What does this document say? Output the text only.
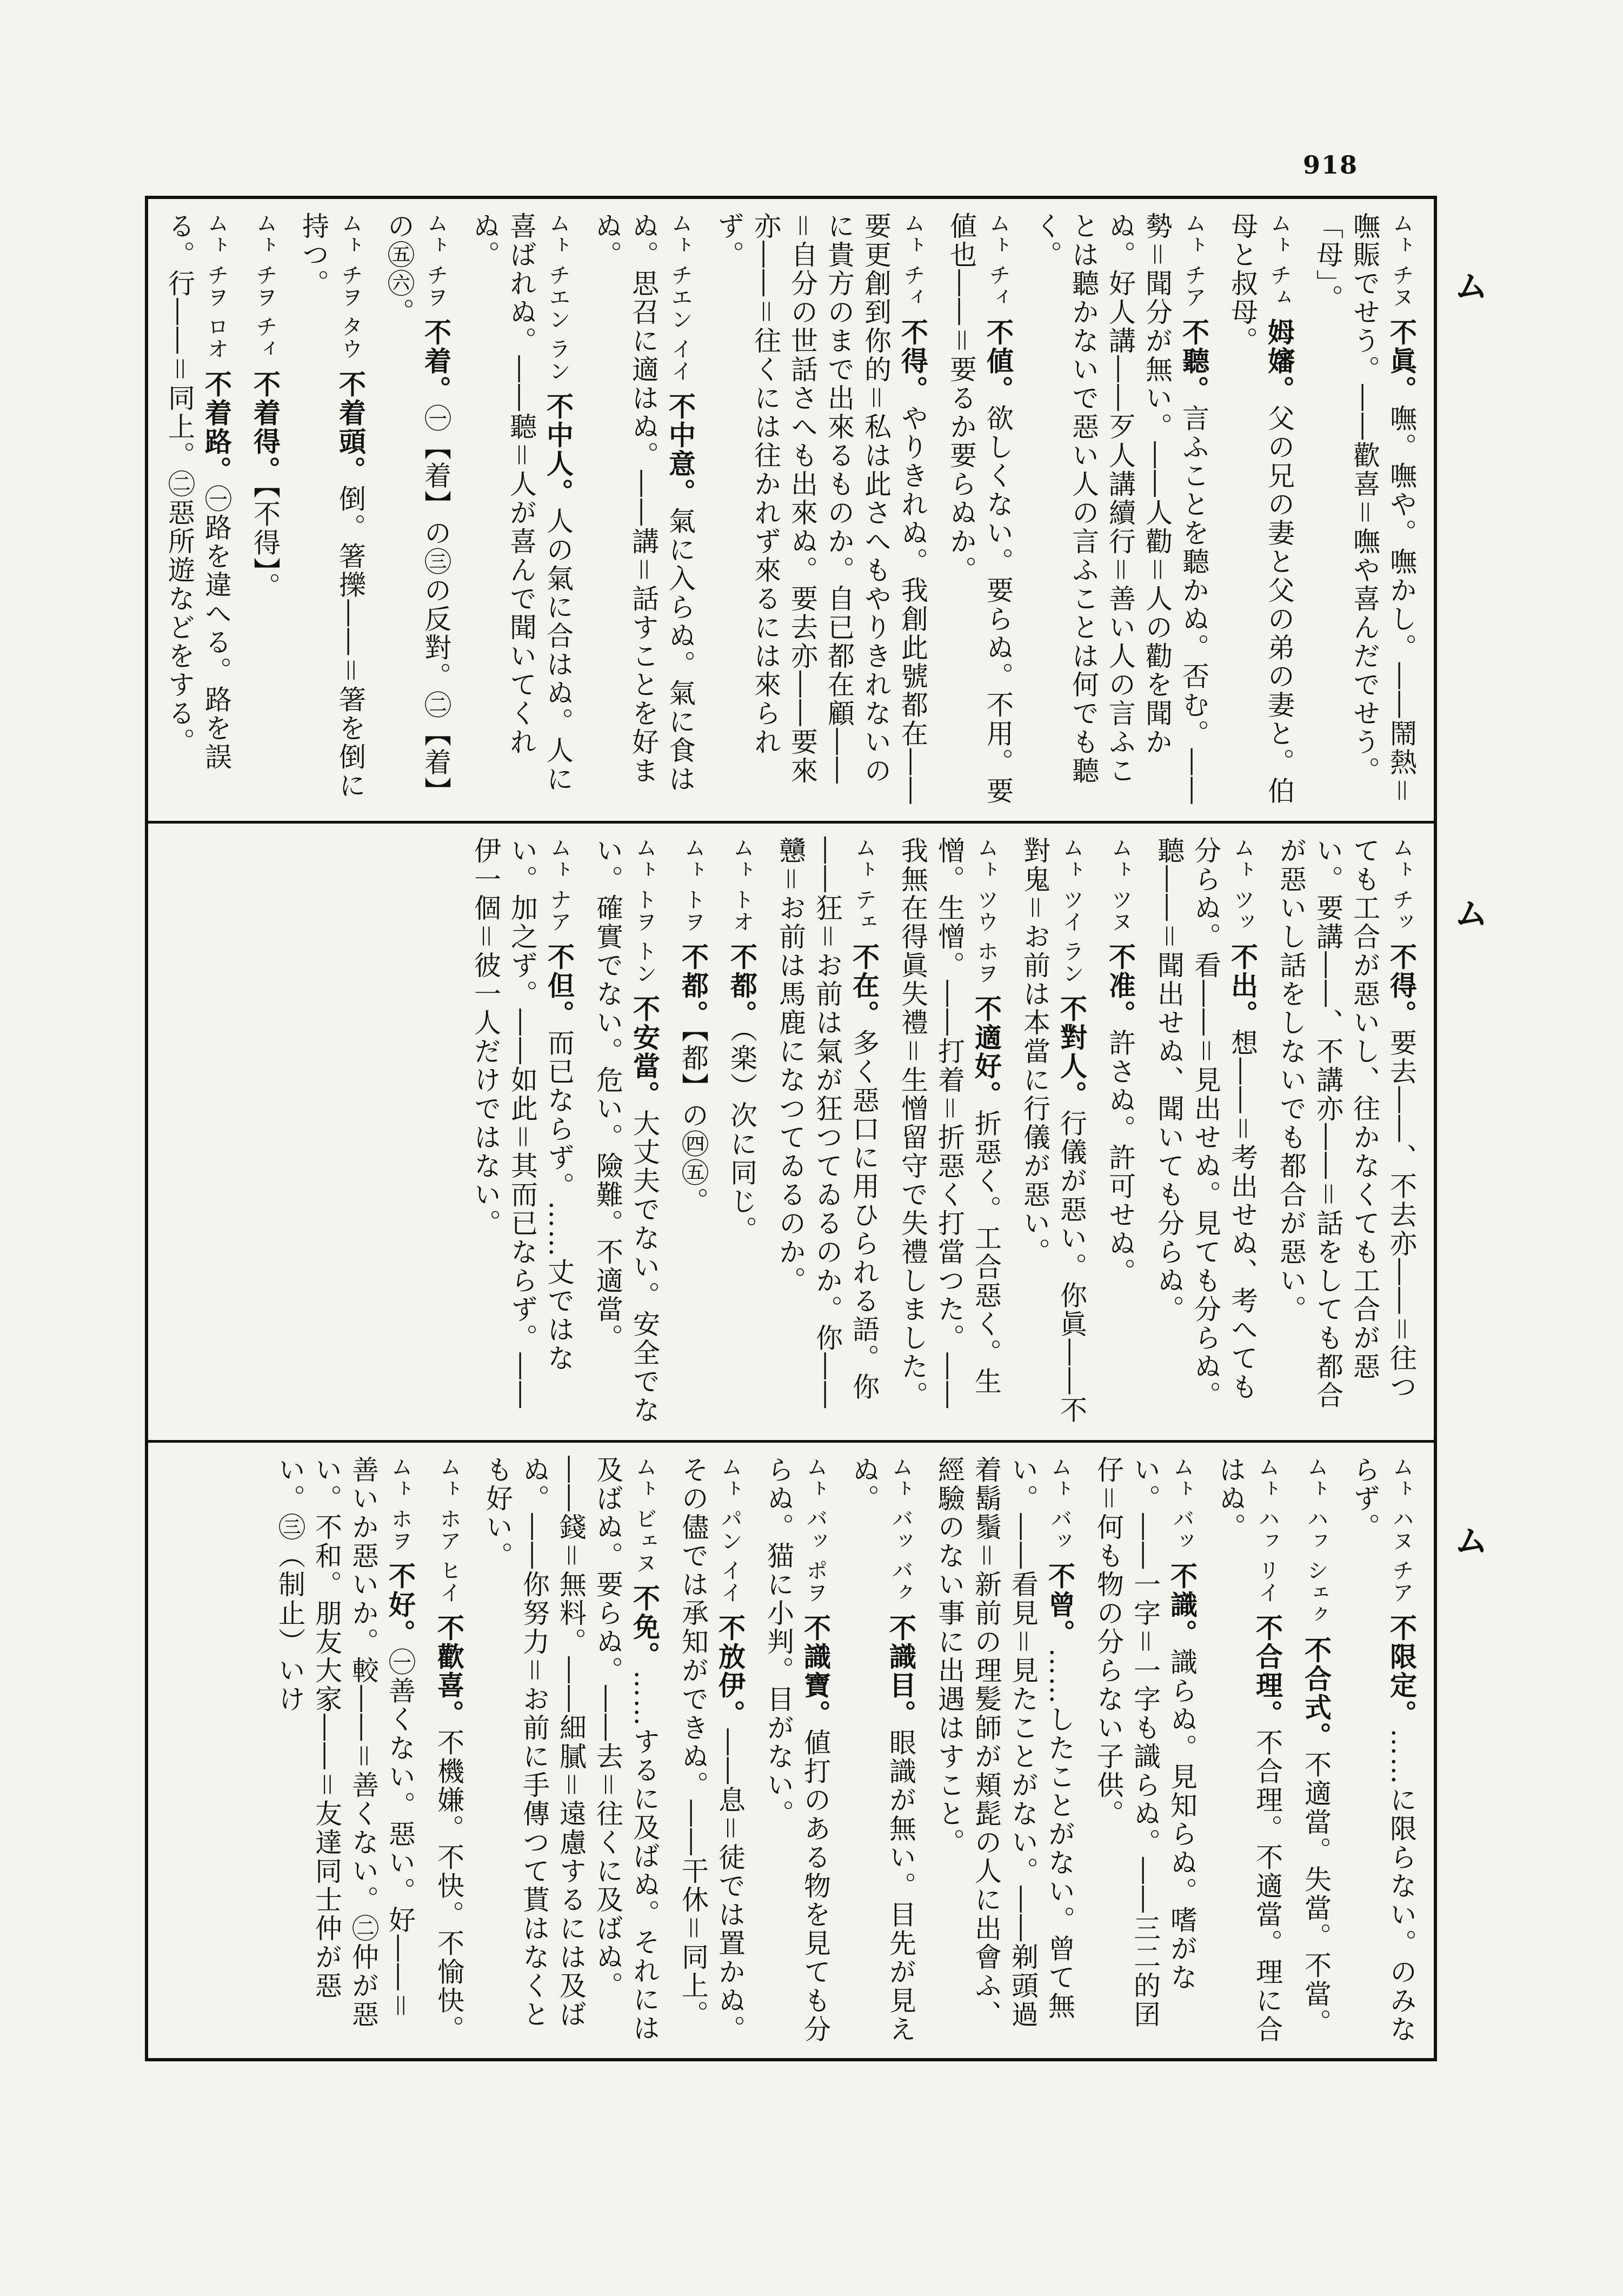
918
ム
ム
ム
ムㇳ チヌ 不眞。嘸。嘸や。嘸かし。――鬧熱＝嘸賑でせう。――歡喜＝嘸や喜んだでせう。「母」。
ムㇳ チㇺ 姆嬸。父の兄の妻と父の弟の妻と。伯母と叔母。
ムㇳ チア 不聽。言ふことを聽かぬ。否む。――勢＝聞分が無い。――人勸＝人の勸を聞かぬ。好人講――歹人講續行＝善い人の言ふことは聽かないで惡い人の言ふことは何でも聽く。
ムㇳ チィ 不値。欲しくない。要らぬ。不用。要値也――＝要るか要らぬか。
ムㇳ チィ 不得。やりきれぬ。我創此號都在――要更創到你的＝私は此さへもやりきれないのに貴方のまで出來るものか。自已都在顧――＝自分の世話さへも出來ぬ。要去亦――要來亦――＝往くには往かれず來るには來られず。
ムㇳ チエン イイ 不中意。氣に入らぬ。氣に食はぬ。思召に適はぬ。――講＝話すことを好まぬ。
ムㇳ チエン ラン 不中人。人の氣に合はぬ。人に喜ばれぬ。――聽＝人が喜んで聞いてくれぬ。
ムㇳ チヲ 不着。㊀【着】の㊂の反對。㊁【着】の㊄㊅。
ムㇳ チヲ タウ 不着頭。倒。箸擽――＝箸を倒に持つ。
ムㇳ チヲ チィ 不着得。【不得】。
ムㇳ チヲ ロオ 不着路。㊀路を違へる。路を誤る。行――＝同上。㊁惡所遊などをする。
ムㇳ チッ 不得。要去――、不去亦――＝往つても工合が惡いし、往かなくても工合が惡い。要講――、不講亦――＝話をしても都合が惡いし話をしないでも都合が惡い。
ムㇳ ツッ 不出。想――＝考出せぬ、考へても分らぬ。看――＝見出せぬ。見ても分らぬ。聽――＝聞出せぬ、聞いても分らぬ。
ムㇳ ツヌ 不准。許さぬ。許可せぬ。
ムㇳ ツイ ラン 不對人。行儀が惡い。你眞――不對鬼＝お前は本當に行儀が惡い。
ムㇳ ツウ ホヲ 不適好。折惡く。工合惡く。生憎。生憎。――打着＝折惡く打當つた。――我無在得眞失禮＝生憎留守で失禮しました。
ムㇳ テェ 不在。多く惡口に用ひられる語。你――狂＝お前は氣が狂つてゐるのか。你――戇＝お前は馬鹿になつてゐるのか。
ムㇳ トオ 不都。（楽）次に同じ。
ムㇳ トヲ 不都。【都】の㊃㊄。
ムㇳ トヲ トン 不安當。大丈夫でない。安全でない。確實でない。危い。險難。不適當。
ムㇳ ナア 不但。而已ならず。……丈ではない。加之ず。――如此＝其而已ならず。――伊一個＝彼一人だけではない。
ムㇳ ハヌ チア 不限定。……に限らない。のみならず。
ムㇳ ハㇷ シェㇰ 不合式。不適當。失當。不當。
ムㇳ ハㇷ リイ 不合理。不合理。不適當。理に合はぬ。
ムㇳ バッ 不識。識らぬ。見知らぬ。嗜がない。――一字＝一字も識らぬ。――三二的囝仔＝何も物の分らない子供。
ムㇳ バッ 不曾。……したことがない。曾て無い。――看見＝見たことがない。――剃頭過着鬍鬚＝新前の理髪師が頬髭の人に出會ふ、經驗のない事に出遇はすこと。
ムㇳ バッ バㇰ 不識目。眼識が無い。目先が見えぬ。
ムㇳ バッ ポヲ 不識寶。値打のある物を見ても分らぬ。猫に小判。目がない。
ムㇳ パン イイ 不放伊。――息＝徒では置かぬ。その儘では承知ができぬ。――干休＝同上。
ムㇳ ビェヌ 不免。……するに及ばぬ。それには及ばぬ。要らぬ。――去＝往くに及ばぬ。――錢＝無料。――細膩＝遠慮するには及ばぬ。――你努力＝お前に手傳つて貰はなくとも好い。
ムㇳ ホア ヒイ 不歡喜。不機嫌。不快。不愉快。
ムㇳ ホヲ 不好。㊀善くない。惡い。好――＝善いか惡いか。較――＝善くない。㊁仲が惡い。不和。朋友大家――＝友達同士仲が惡い。㊂（制止）いけ
